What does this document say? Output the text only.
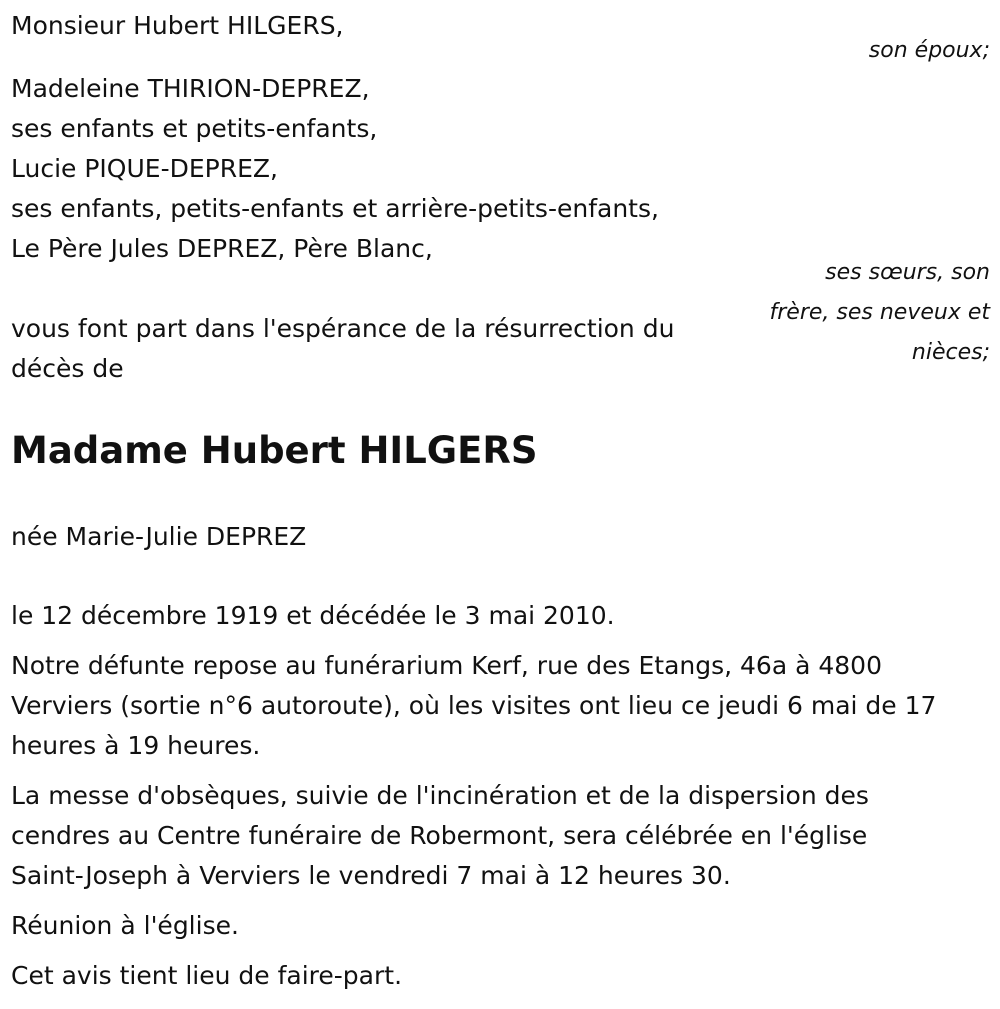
Monsieur Hubert HILGERS,
son époux;
Madeleine THIRION-DEPREZ,
ses enfants et petits-enfants,
Lucie PIQUE-DEPREZ,
ses enfants, petits-enfants et arrière-petits-enfants,
Le Père Jules DEPREZ, Père Blanc,
ses sœurs, son
frère, ses neveux et
nièces;
vous font part dans l'espérance de la résurrection du
décès de
Madame Hubert HILGERS
née Marie-Julie DEPREZ
le 12 décembre 1919 et décédée le 3 mai 2010.
Notre défunte repose au funérarium Kerf, rue des Etangs, 46a à 4800
Verviers (sortie n°6 autoroute), où les visites ont lieu ce jeudi 6 mai de 17
heures à 19 heures.
La messe d'obsèques, suivie de l'incinération et de la dispersion des
cendres au Centre funéraire de Robermont, sera célébrée en l'église
Saint-Joseph à Verviers le vendredi 7 mai à 12 heures 30.
Réunion à l'église.
Cet avis tient lieu de faire-part.
